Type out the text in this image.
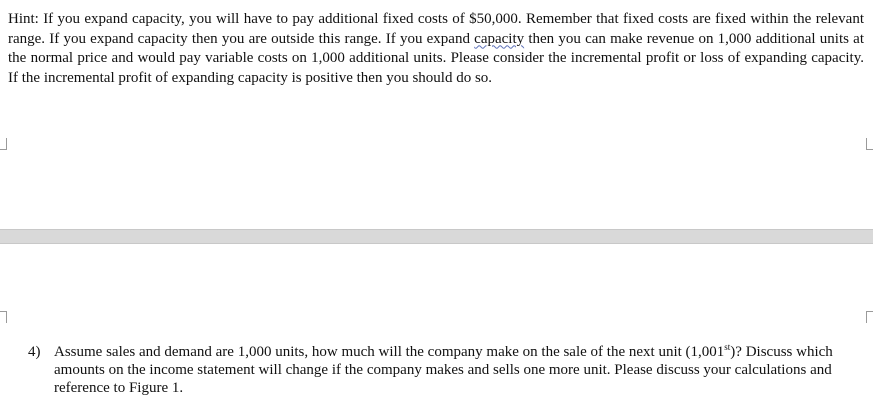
Hint: If you expand capacity, you will have to pay additional fixed costs of $50,000. Remember that fixed costs are fixed within the relevant range. If you expand capacity then you are outside this range. If you expand capacity then you can make revenue on 1,000 additional units at the normal price and would pay variable costs on 1,000 additional units. Please consider the incremental profit or loss of expanding capacity. If the incremental profit of expanding capacity is positive then you should do so.

4) Assume sales and demand are 1,000 units, how much will the company make on the sale of the next unit (1,001st)? Discuss which amounts on the income statement will change if the company makes and sells one more unit. Please discuss your calculations and reference to Figure 1.
